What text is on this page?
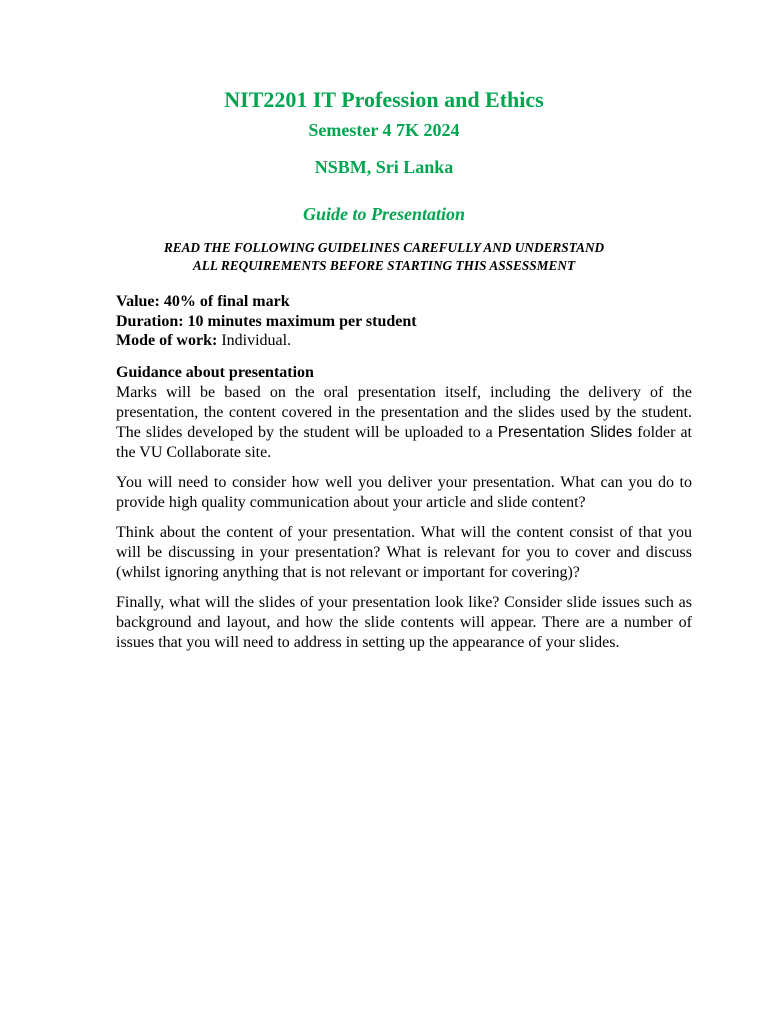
NIT2201 IT Profession and Ethics
Semester 4 7K 2024
NSBM, Sri Lanka
Guide to Presentation
READ THE FOLLOWING GUIDELINES CAREFULLY AND UNDERSTAND
ALL REQUIREMENTS BEFORE STARTING THIS ASSESSMENT
Value: 40% of final mark
Duration: 10 minutes maximum per student
Mode of work: Individual.
Guidance about presentation

Marks will be based on the oral presentation itself, including the delivery of the presentation, the content covered in the presentation and the slides used by the student. The slides developed by the student will be uploaded to a Presentation Slides folder at the VU Collaborate site.

You will need to consider how well you deliver your presentation. What can you do to provide high quality communication about your article and slide content?

Think about the content of your presentation. What will the content consist of that you will be discussing in your presentation? What is relevant for you to cover and discuss (whilst ignoring anything that is not relevant or important for covering)?

Finally, what will the slides of your presentation look like? Consider slide issues such as background and layout, and how the slide contents will appear. There are a number of issues that you will need to address in setting up the appearance of your slides.
